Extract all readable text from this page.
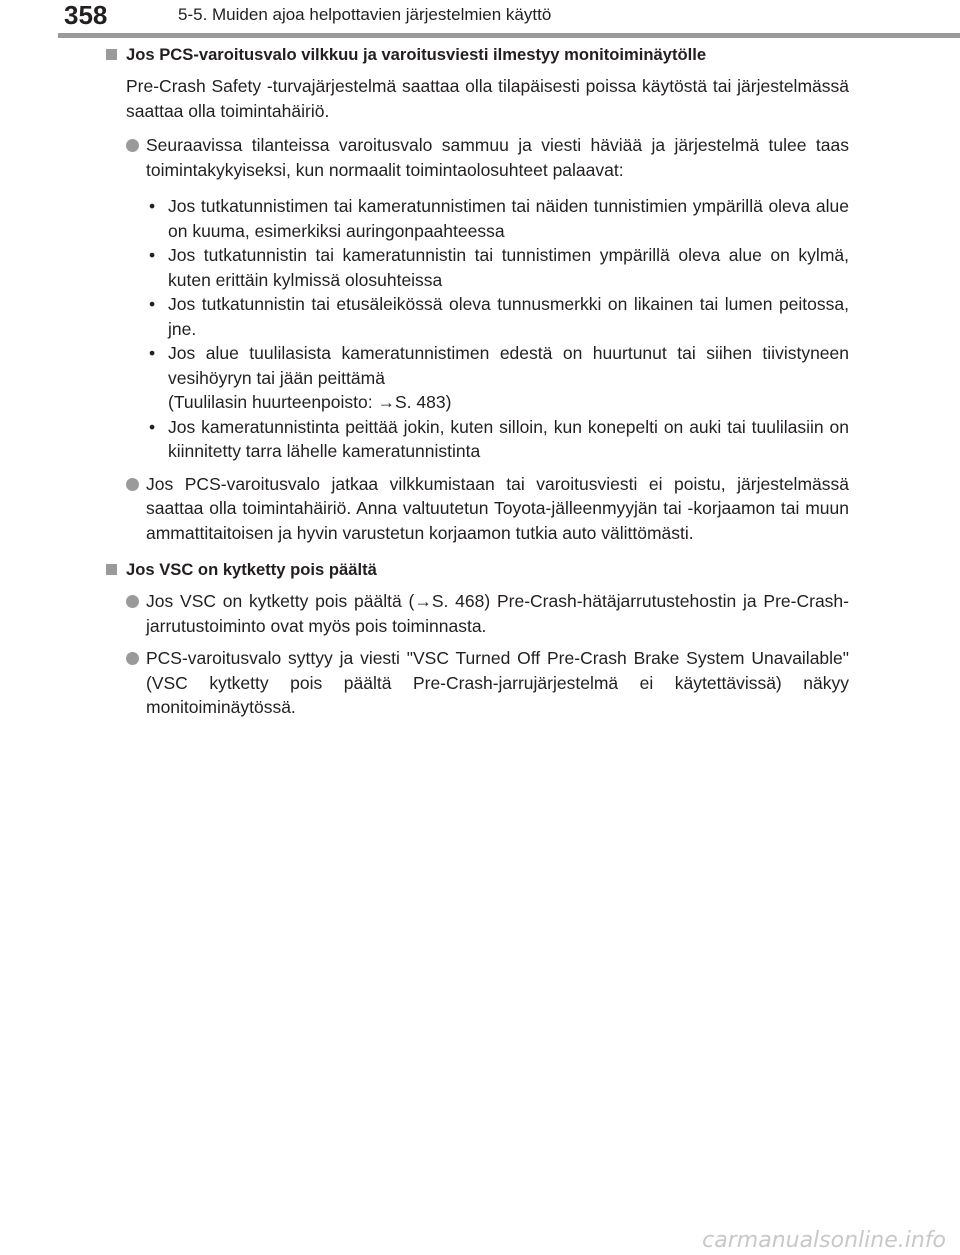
358	5-5. Muiden ajoa helpottavien järjestelmien käyttö
Jos PCS-varoitusvalo vilkkuu ja varoitusviesti ilmestyy monitoiminäytölle

Pre-Crash Safety -turvajärjestelmä saattaa olla tilapäisesti poissa käytöstä tai järjestelmässä saattaa olla toimintahäiriö.

Seuraavissa tilanteissa varoitusvalo sammuu ja viesti häviää ja järjestelmä tulee taas toimintakykyiseksi, kun normaalit toimintaolosuhteet palaavat:
• Jos tutkatunnistimen tai kameratunnistimen tai näiden tunnistimien ympärillä oleva alue on kuuma, esimerkiksi auringonpaahteessa
• Jos tutkatunnistin tai kameratunnistin tai tunnistimen ympärillä oleva alue on kylmä, kuten erittäin kylmissä olosuhteissa
• Jos tutkatunnistin tai etusäleikössä oleva tunnusmerkki on likainen tai lumen peitossa, jne.
• Jos alue tuulilasista kameratunnistimen edestä on huurtunut tai siihen tiivistyneen vesihöyryn tai jään peittämä
(Tuulilasin huurteenpoisto: →S. 483)
• Jos kameratunnistinta peittää jokin, kuten silloin, kun konepelti on auki tai tuulilasiin on kiinnitetty tarra lähelle kameratunnistinta
Jos PCS-varoitusvalo jatkaa vilkkumistaan tai varoitusviesti ei poistu, järjestelmässä saattaa olla toimintahäiriö. Anna valtuutetun Toyota-jälleenmyyjän tai -korjaamon tai muun ammattitaitoisen ja hyvin varustetun korjaamon tutkia auto välittömästi.
Jos VSC on kytketty pois päältä
Jos VSC on kytketty pois päältä (→S. 468) Pre-Crash-hätäjarrutustehostin ja Pre-Crash-jarrutustoiminto ovat myös pois toiminnasta.
PCS-varoitusvalo syttyy ja viesti "VSC Turned Off Pre-Crash Brake System Unavailable" (VSC kytketty pois päältä Pre-Crash-jarrujärjestelmä ei käytettävissä) näkyy monitoiminäytössä.
carmanualsonline.info
